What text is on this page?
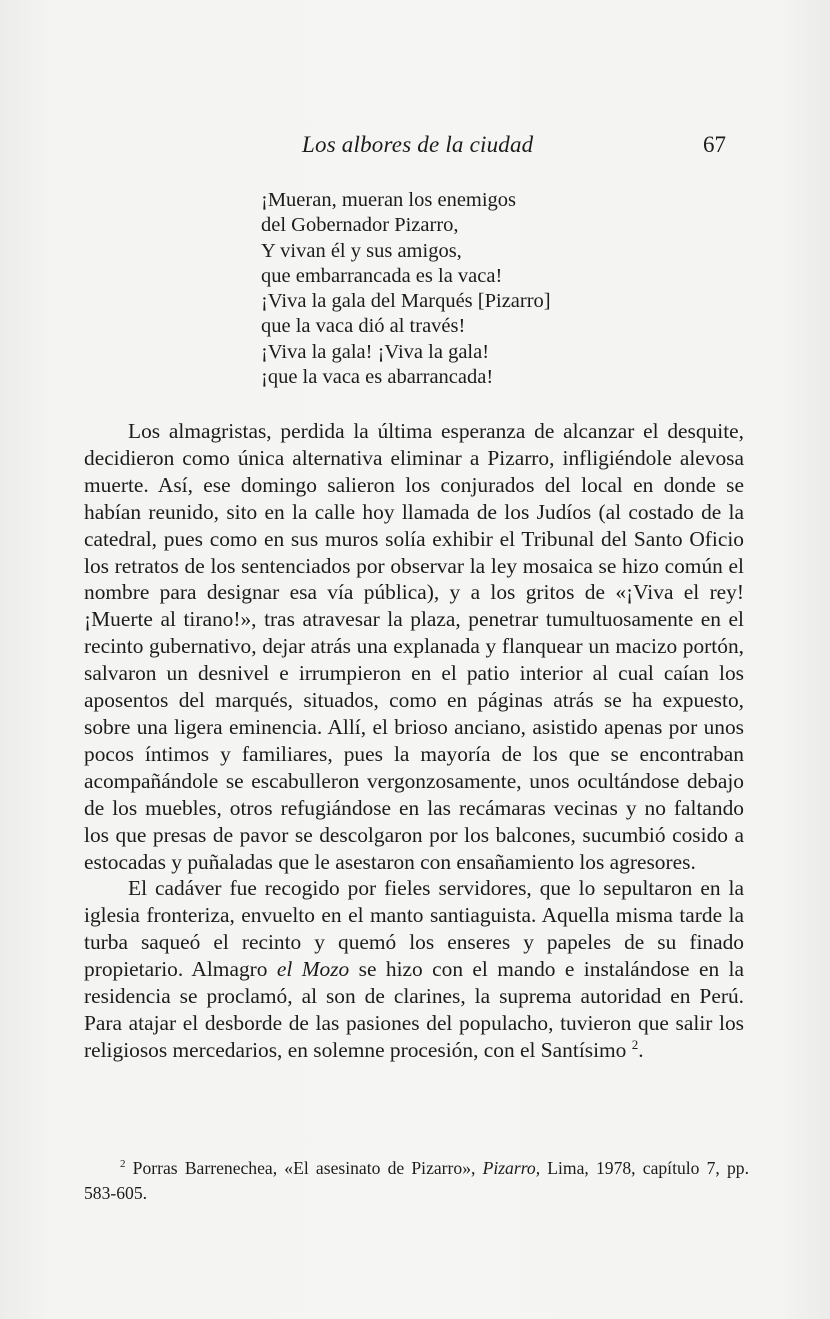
Los albores de la ciudad	67
¡Mueran, mueran los enemigos
del Gobernador Pizarro,
Y vivan él y sus amigos,
que embarrancada es la vaca!
¡Viva la gala del Marqués [Pizarro]
que la vaca dió al través!
¡Viva la gala! ¡Viva la gala!
¡que la vaca es abarrancada!

Los almagristas, perdida la última esperanza de alcanzar el desquite, decidieron como única alternativa eliminar a Pizarro, infligiéndole alevosa muerte. Así, ese domingo salieron los conjurados del local en donde se habían reunido, sito en la calle hoy llamada de los Judíos (al costado de la catedral, pues como en sus muros solía exhibir el Tribunal del Santo Oficio los retratos de los sentenciados por observar la ley mosaica se hizo común el nombre para designar esa vía pública), y a los gritos de «¡Viva el rey! ¡Muerte al tirano!», tras atravesar la plaza, penetrar tumultuosamente en el recinto gubernativo, dejar atrás una explanada y flanquear un macizo portón, salvaron un desnivel e irrumpieron en el patio interior al cual caían los aposentos del marqués, situados, como en páginas atrás se ha expuesto, sobre una ligera eminencia. Allí, el brioso anciano, asistido apenas por unos pocos íntimos y familiares, pues la mayoría de los que se encontraban acompañándole se escabulleron vergonzosamente, unos ocultándose debajo de los muebles, otros refugiándose en las recámaras vecinas y no faltando los que presas de pavor se descolgaron por los balcones, sucumbió cosido a estocadas y puñaladas que le asestaron con ensañamiento los agresores.

El cadáver fue recogido por fieles servidores, que lo sepultaron en la iglesia fronteriza, envuelto en el manto santiaguista. Aquella misma tarde la turba saqueó el recinto y quemó los enseres y papeles de su finado propietario. Almagro el Mozo se hizo con el mando e instalándose en la residencia se proclamó, al son de clarines, la suprema autoridad en Perú. Para atajar el desborde de las pasiones del populacho, tuvieron que salir los religiosos mercedarios, en solemne procesión, con el Santísimo $^2$.

$^2$ Porras Barrenechea, «El asesinato de Pizarro», Pizarro, Lima, 1978, capítulo 7, pp. 583-605.
